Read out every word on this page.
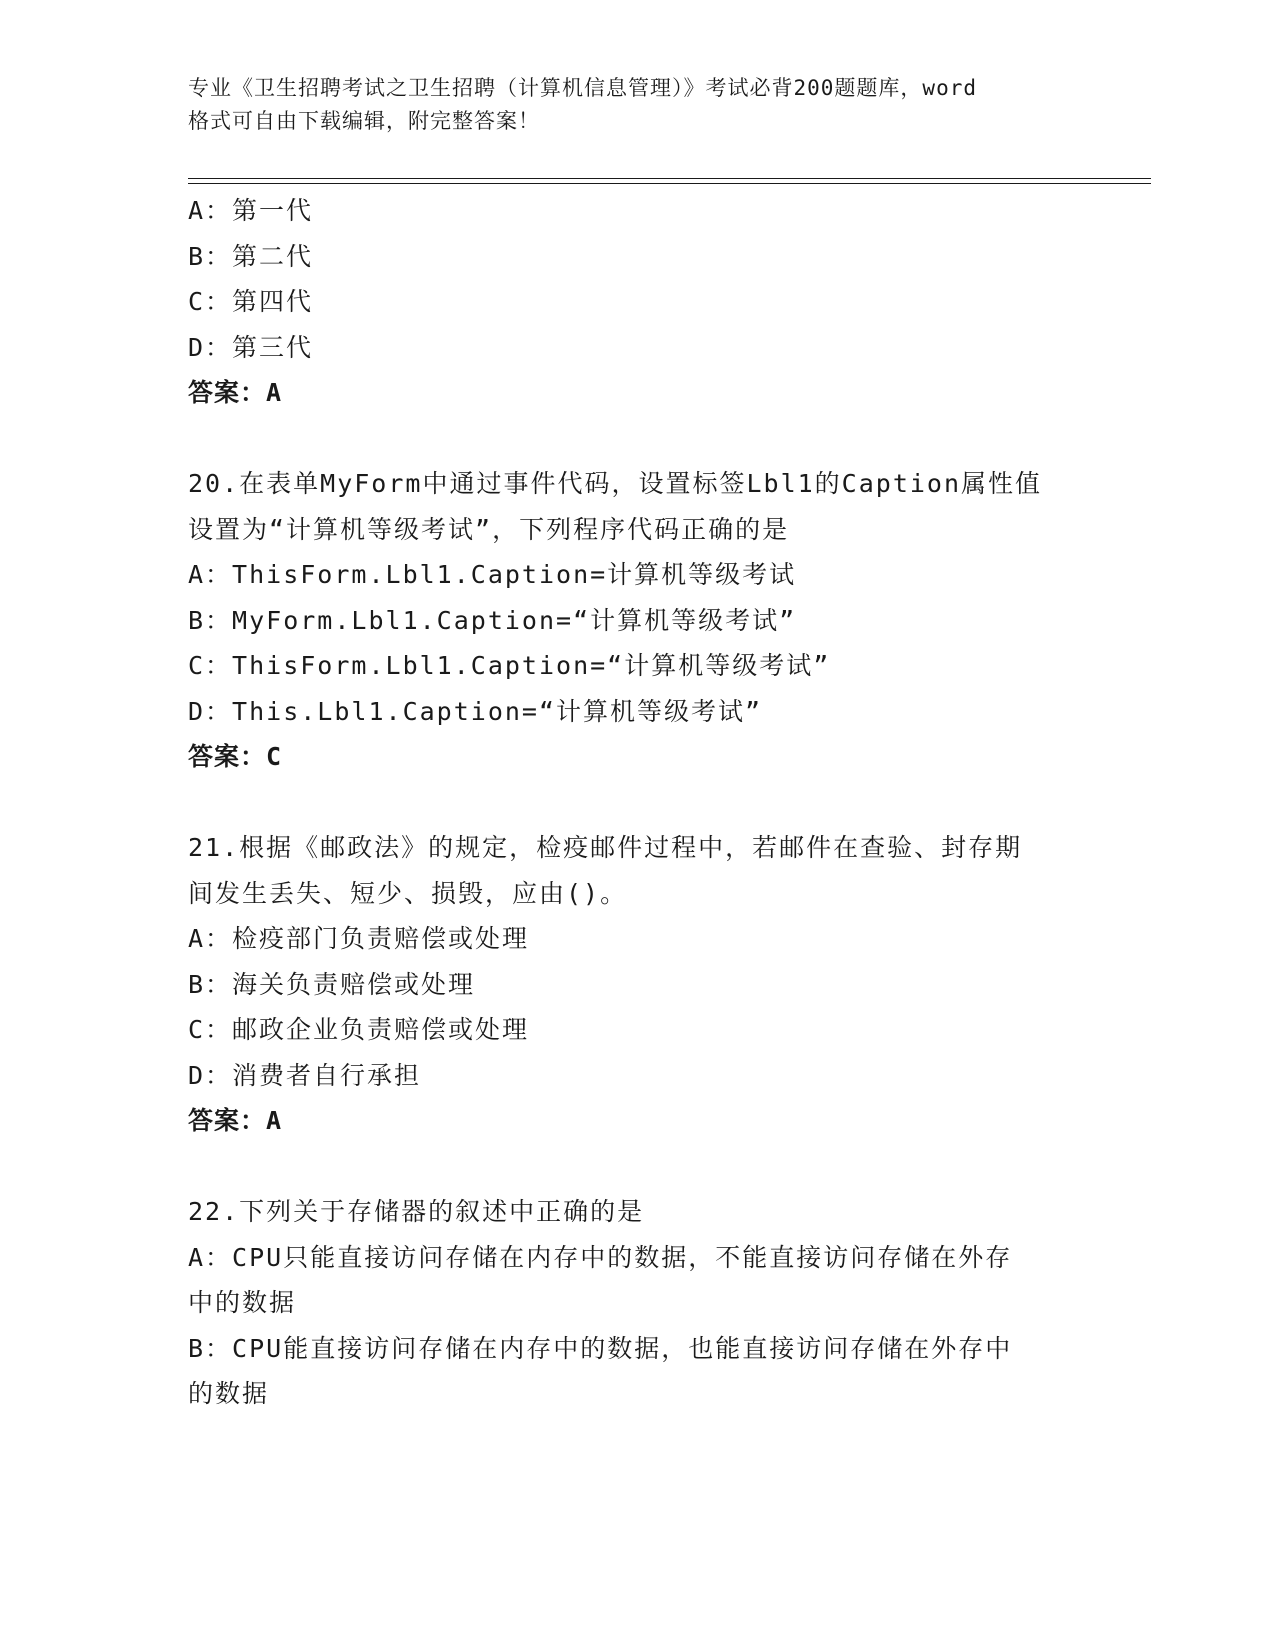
专业《卫生招聘考试之卫生招聘（计算机信息管理）》考试必背200题题库，word
格式可自由下载编辑，附完整答案！
A：第一代
B：第二代
C：第四代
D：第三代
答案：A
20.在表单MyForm中通过事件代码，设置标签Lbl1的Caption属性值
设置为“计算机等级考试”，下列程序代码正确的是
A：ThisForm.Lbl1.Caption=计算机等级考试
B：MyForm.Lbl1.Caption=“计算机等级考试”
C：ThisForm.Lbl1.Caption=“计算机等级考试”
D：This.Lbl1.Caption=“计算机等级考试”
答案：C
21.根据《邮政法》的规定，检疫邮件过程中，若邮件在查验、封存期
间发生丢失、短少、损毁，应由()。
A：检疫部门负责赔偿或处理
B：海关负责赔偿或处理
C：邮政企业负责赔偿或处理
D：消费者自行承担
答案：A
22.下列关于存储器的叙述中正确的是
A：CPU只能直接访问存储在内存中的数据，不能直接访问存储在外存
中的数据
B：CPU能直接访问存储在内存中的数据，也能直接访问存储在外存中
的数据
